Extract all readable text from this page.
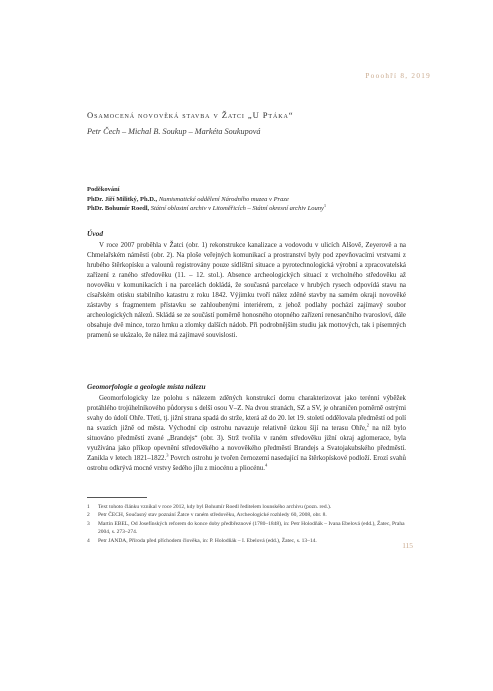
Pooohří 8, 2019
Osamocená novověká stavba v Žatci „U Ptáka“
Petr Čech – Michal B. Soukup – Markéta Soukupová
Poděkování
PhDr. Jiří Militký, Ph.D., Numismatické oddělení Národního muzea v Praze
PhDr. Bohumír Roedl, Státní oblastní archiv v Litoměřicích – Státní okresní archiv Louny$^1$
Úvod

V roce 2007 proběhla v Žatci (obr. 1) rekonstrukce kanalizace a vodovodu v ulicích Alšově, Zeyerově a na Chmelařském náměstí (obr. 2). Na ploše veřejných komunikací a prostranství byly pod zpevňovacími vrstvami z hrubého štěrkopísku a valounů registrovány pouze sídlištní situace a pyrotechnologická výrobní a zpracovatelská zařízení z raného středověku (11. – 12. stol.). Absence archeologických situací z vrcholného středověku až novověku v komunikacích i na parcelách dokládá, že současná parcelace v hrubých rysech odpovídá stavu na císařském otisku stabilního katastru z roku 1842. Výjimku tvoří nález zděné stavby na samém okraji novověké zástavby s fragmentem přístavku se zahloubenými interiérem, z jehož podlahy pochází zajímavý soubor archeologických nálezů. Skládá se ze součástí poměrně honosného otopného zařízení renesančního tvarosloví, dále obsahuje dvě mince, torzo hrnku a zlomky dalších nádob. Při podrobnějším studiu jak mottových, tak i písemných pramenů se ukázalo, že nález má zajímavé souvislosti.

Geomorfologie a geologie místa nálezu

Geomorfologicky lze polohu s nálezem zděných konstrukcí domu charakterizovat jako terénní výběžek protáhlého trojúhelníkového půdorysu s delší osou V–Z. Na dvou stranách, SZ a SV, je ohraničen poměrně ostrými svahy do údolí Ohře. Třetí, tj. jižní strana spadá do strže, která až do 20. let 19. století oddělovala předměstí od polí na svazích jižně od města. Východní cíp ostrohu navazuje relativně úzkou šíjí na terasu Ohře,$^2$ na níž bylo situováno předměstí zvané „Brandejs“ (obr. 3). Strž tvořila v raném středověku jižní okraj aglomerace, byla využívána jako příkop opevnění středověkého a novověkého předměstí Brandejs a Svatojakubského předměstí. Zanikla v letech 1821–1822.$^3$ Povrch ostrohu je tvořen černozemí nasedající na štěrkopískové podloží. Erozí svahů ostrohu odkrývá mocné vrstvy šedého jílu z miocénu a pliocénu.$^4$

1 Text tohoto článku vznikal v roce 2012, kdy byl Bohumír Roedl ředitelem lounského archivu (pozn. red.).
2 Petr ČECH, Současný stav poznání Žatce v raném středověku, Archeologické rozhledy 60, 2008, obr. 8.
3 Martin EBEL, Od Josefínských reforem do konce doby předbřeznové (1780–1848), in: Petr Holodňák – Ivana Ebelová (edd.), Žatec, Praha 2004, s. 273–274.
4 Petr JANDA, Příroda před příchodem člověka, in: P. Holodňák – I. Ebelová (edd.), Žatec, s. 13–14.
115
